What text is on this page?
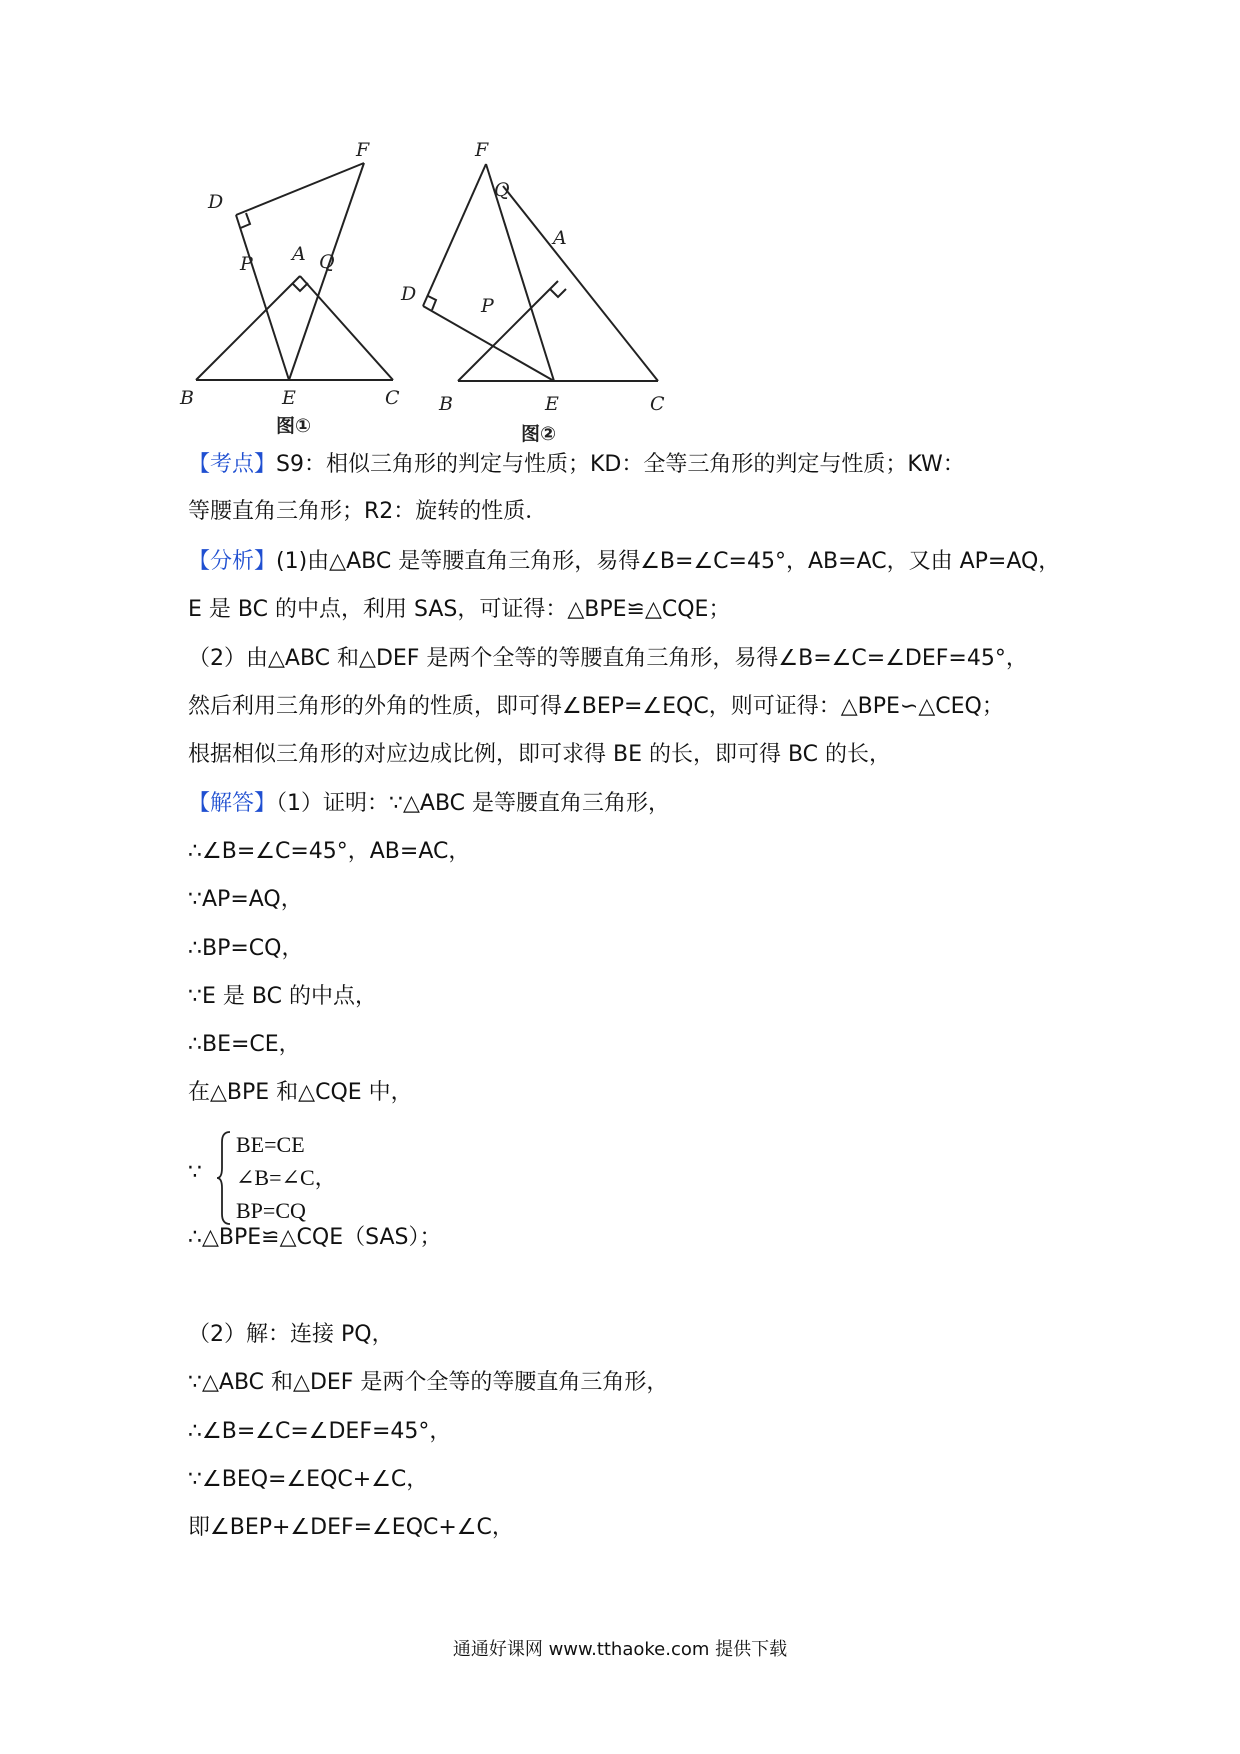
D
F
A
P	Q
B	E	C
图①
F
Q
A
D
P
B	E	C
图②
【考点】S9：相似三角形的判定与性质；KD：全等三角形的判定与性质；KW：
等腰直角三角形；R2：旋转的性质．
【分析】(1)由△ABC 是等腰直角三角形，易得∠B=∠C=45°，AB=AC，又由 AP=AQ，
E 是 BC 的中点，利用 SAS，可证得：△BPE≌△CQE；
（2）由△ABC 和△DEF 是两个全等的等腰直角三角形，易得∠B=∠C=∠DEF=45°，
然后利用三角形的外角的性质，即可得∠BEP=∠EQC，则可证得：△BPE∽△CEQ；
根据相似三角形的对应边成比例，即可求得 BE 的长，即可得 BC 的长，
【解答】（1）证明：∵△ABC 是等腰直角三角形，
∴∠B=∠C=45°，AB=AC，
∵AP=AQ，
∴BP=CQ，
∵E 是 BC 的中点，
∴BE=CE，
在△BPE 和△CQE 中，
∵
BE=CE
∠B=∠C，
BP=CQ
∴△BPE≌△CQE（SAS）；
（2）解：连接 PQ，
∵△ABC 和△DEF 是两个全等的等腰直角三角形，
∴∠B=∠C=∠DEF=45°，
∵∠BEQ=∠EQC+∠C，
即∠BEP+∠DEF=∠EQC+∠C，
通通好课网 www.tthaoke.com 提供下载
